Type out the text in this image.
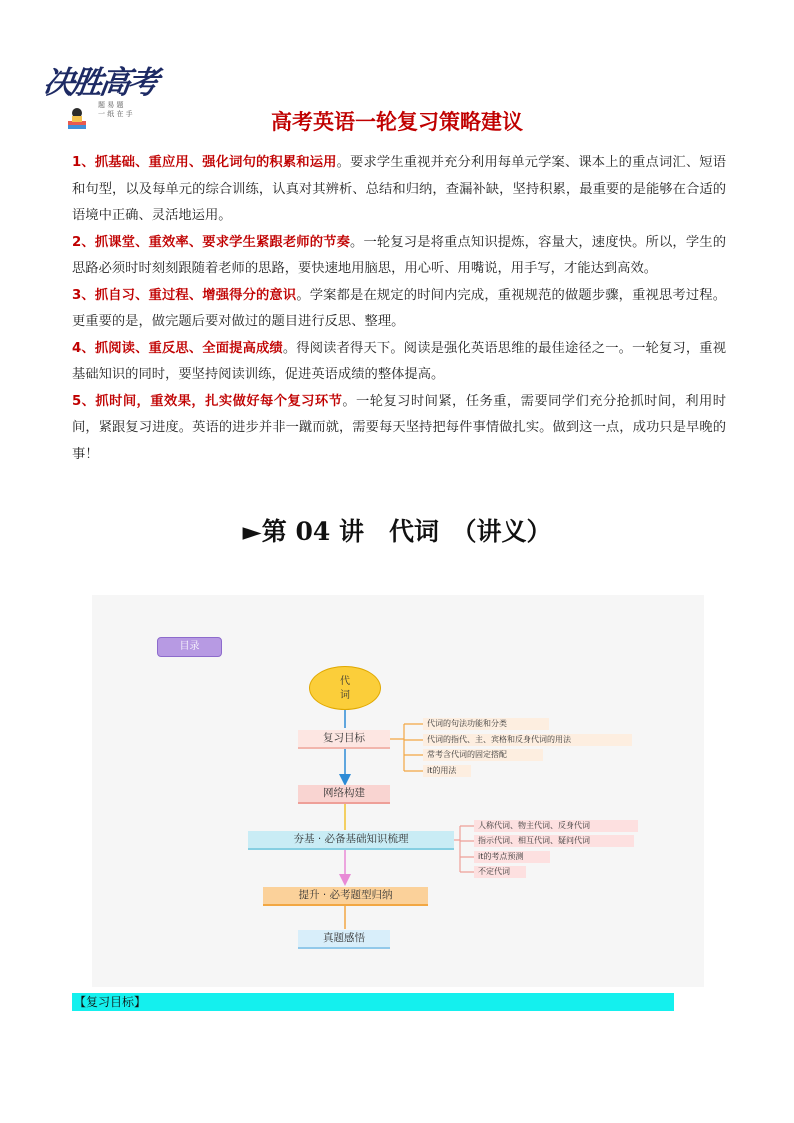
决胜高考
题 易 题
一 纸 在 手	高考英语一轮复习策略建议

1、抓基础、重应用、强化词句的积累和运用。要求学生重视并充分利用每单元学案、课本上的重点词汇、短语和句型，以及每单元的综合训练，认真对其辨析、总结和归纳，查漏补缺，坚持积累，最重要的是能够在合适的语境中正确、灵活地运用。

2、抓课堂、重效率、要求学生紧跟老师的节奏。一轮复习是将重点知识提炼，容量大，速度快。所以，学生的思路必须时时刻刻跟随着老师的思路，要快速地用脑思，用心听、用嘴说，用手写，才能达到高效。

3、抓自习、重过程、增强得分的意识。学案都是在规定的时间内完成，重视规范的做题步骤，重视思考过程。更重要的是，做完题后要对做过的题目进行反思、整理。

4、抓阅读、重反思、全面提高成绩。得阅读者得天下。阅读是强化英语思维的最佳途径之一。一轮复习，重视基础知识的同时，要坚持阅读训练，促进英语成绩的整体提高。

5、抓时间，重效果，扎实做好每个复习环节。一轮复习时间紧，任务重，需要同学们充分抢抓时间，利用时间，紧跟复习进度。英语的进步并非一蹴而就，需要每天坚持把每件事情做扎实。做到这一点，成功只是早晚的事！

►第 04 讲　代词　（讲义）
目录
代
词
复习目标
网络构建
夯基 · 必备基础知识梳理
提升 · 必考题型归纳
真题感悟
代词的句法功能和分类
代词的指代、主、宾格和反身代词的用法
常考含代词的固定搭配
it的用法
人称代词、物主代词、反身代词
指示代词、相互代词、疑问代词
it的考点预测
不定代词
【复习目标】
